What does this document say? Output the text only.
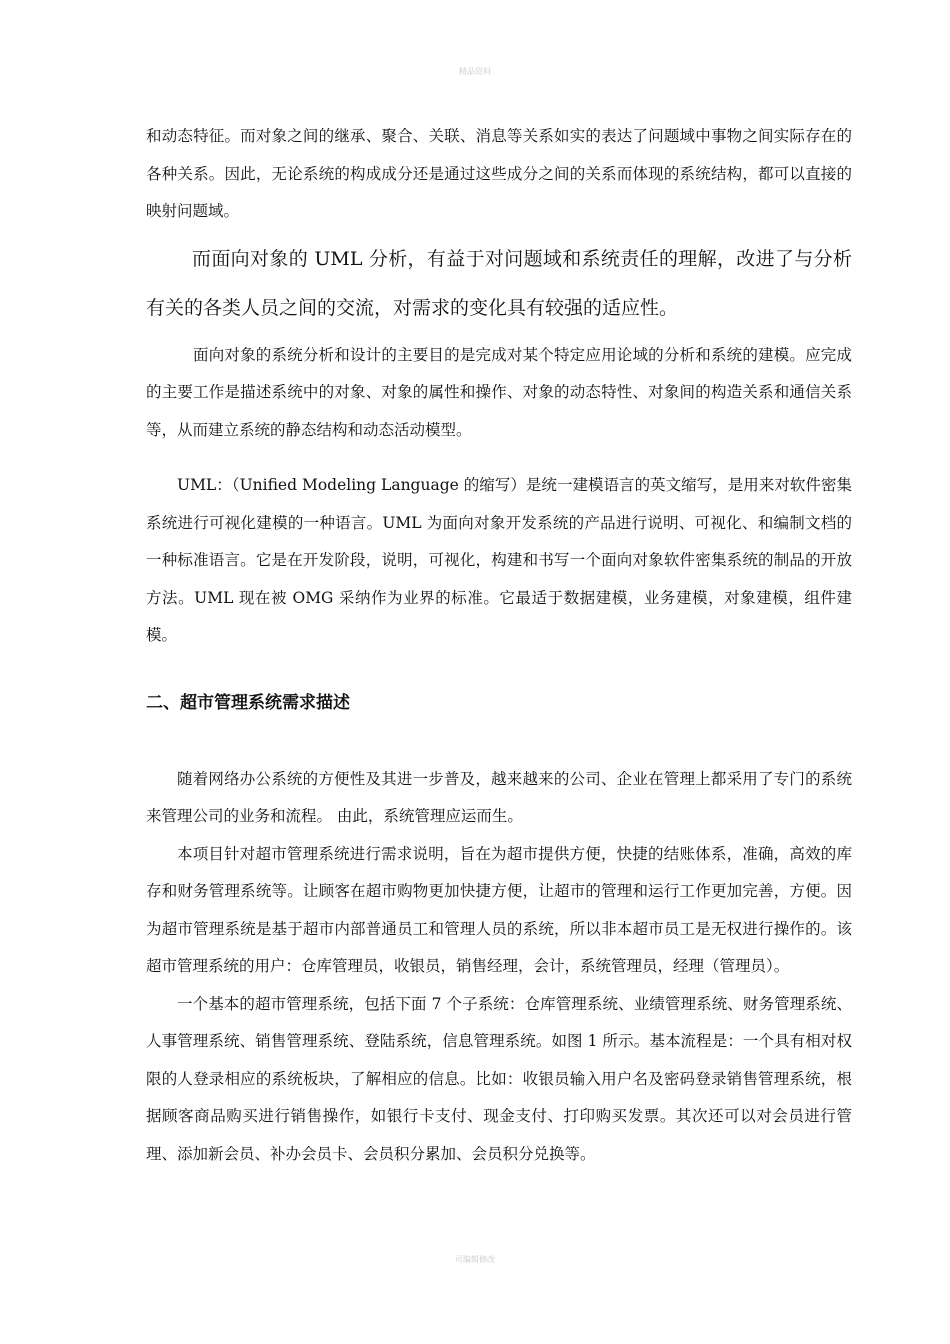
精品资料

和动态特征。而对象之间的继承、聚合、关联、消息等关系如实的表达了问题域中事物之间实际存在的各种关系。因此，无论系统的构成成分还是通过这些成分之间的关系而体现的系统结构，都可以直接的映射问题域。

而面向对象的 UML 分析，有益于对问题域和系统责任的理解，改进了与分析有关的各类人员之间的交流，对需求的变化具有较强的适应性。

面向对象的系统分析和设计的主要目的是完成对某个特定应用论域的分析和系统的建模。应完成的主要工作是描述系统中的对象、对象的属性和操作、对象的动态特性、对象间的构造关系和通信关系等，从而建立系统的静态结构和动态活动模型。

UML：（Unified Modeling Language 的缩写）是统一建模语言的英文缩写，是用来对软件密集系统进行可视化建模的一种语言。UML 为面向对象开发系统的产品进行说明、可视化、和编制文档的一种标准语言。它是在开发阶段，说明，可视化，构建和书写一个面向对象软件密集系统的制品的开放方法。UML 现在被 OMG 采纳作为业界的标准。它最适于数据建模，业务建模，对象建模，组件建模。

二、超市管理系统需求描述

随着网络办公系统的方便性及其进一步普及，越来越来的公司、企业在管理上都采用了专门的系统来管理公司的业务和流程。 由此，系统管理应运而生。

本项目针对超市管理系统进行需求说明，旨在为超市提供方便，快捷的结账体系，准确，高效的库存和财务管理系统等。让顾客在超市购物更加快捷方便，让超市的管理和运行工作更加完善，方便。因为超市管理系统是基于超市内部普通员工和管理人员的系统，所以非本超市员工是无权进行操作的。该超市管理系统的用户：仓库管理员，收银员，销售经理，会计，系统管理员，经理（管理员）。

一个基本的超市管理系统，包括下面 7 个子系统：仓库管理系统、业绩管理系统、财务管理系统、人事管理系统、销售管理系统、登陆系统，信息管理系统。如图 1 所示。基本流程是：一个具有相对权限的人登录相应的系统板块，了解相应的信息。比如：收银员输入用户名及密码登录销售管理系统，根据顾客商品购买进行销售操作，如银行卡支付、现金支付、打印购买发票。其次还可以对会员进行管理、添加新会员、补办会员卡、会员积分累加、会员积分兑换等。

可编辑修改
